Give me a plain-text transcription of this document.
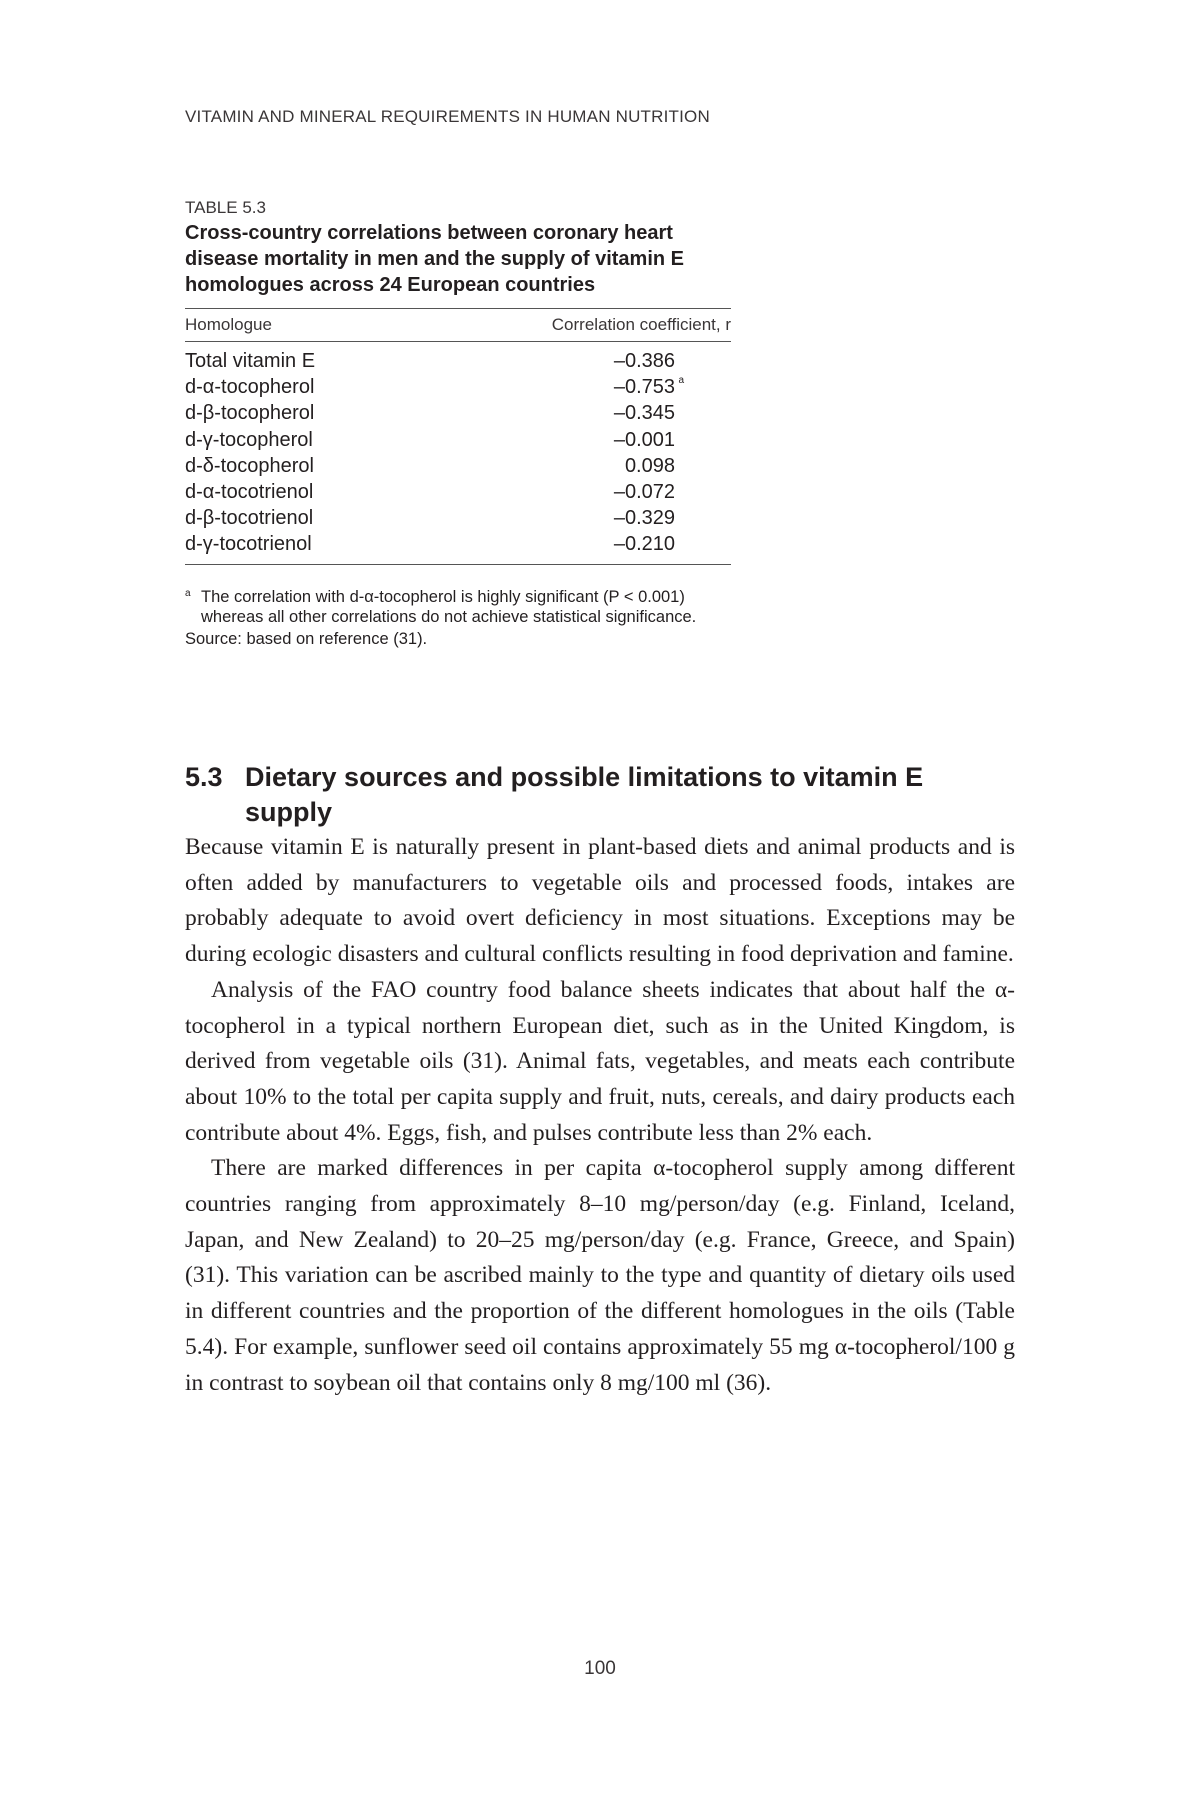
VITAMIN AND MINERAL REQUIREMENTS IN HUMAN NUTRITION
TABLE 5.3
Cross-country correlations between coronary heart disease mortality in men and the supply of vitamin E homologues across 24 European countries
Homologue	Correlation coefficient, r
Total vitamin E	–0.386
d-α-tocopherol	–0.753 a
d-β-tocopherol	–0.345
d-γ-tocopherol	–0.001
d-δ-tocopherol	0.098
d-α-tocotrienol	–0.072
d-β-tocotrienol	–0.329
d-γ-tocotrienol	–0.210
a The correlation with d-α-tocopherol is highly significant (P < 0.001) whereas all other correlations do not achieve statistical significance.
Source: based on reference (31).
5.3 Dietary sources and possible limitations to vitamin E supply

Because vitamin E is naturally present in plant-based diets and animal products and is often added by manufacturers to vegetable oils and processed foods, intakes are probably adequate to avoid overt deficiency in most situations. Exceptions may be during ecologic disasters and cultural conflicts resulting in food deprivation and famine.

Analysis of the FAO country food balance sheets indicates that about half the α-tocopherol in a typical northern European diet, such as in the United Kingdom, is derived from vegetable oils (31). Animal fats, vegetables, and meats each contribute about 10% to the total per capita supply and fruit, nuts, cereals, and dairy products each contribute about 4%. Eggs, fish, and pulses contribute less than 2% each.

There are marked differences in per capita α-tocopherol supply among different countries ranging from approximately 8–10 mg/person/day (e.g. Finland, Iceland, Japan, and New Zealand) to 20–25 mg/person/day (e.g. France, Greece, and Spain) (31). This variation can be ascribed mainly to the type and quantity of dietary oils used in different countries and the proportion of the different homologues in the oils (Table 5.4). For example, sunflower seed oil contains approximately 55 mg α-tocopherol/100 g in contrast to soybean oil that contains only 8 mg/100 ml (36).

100
